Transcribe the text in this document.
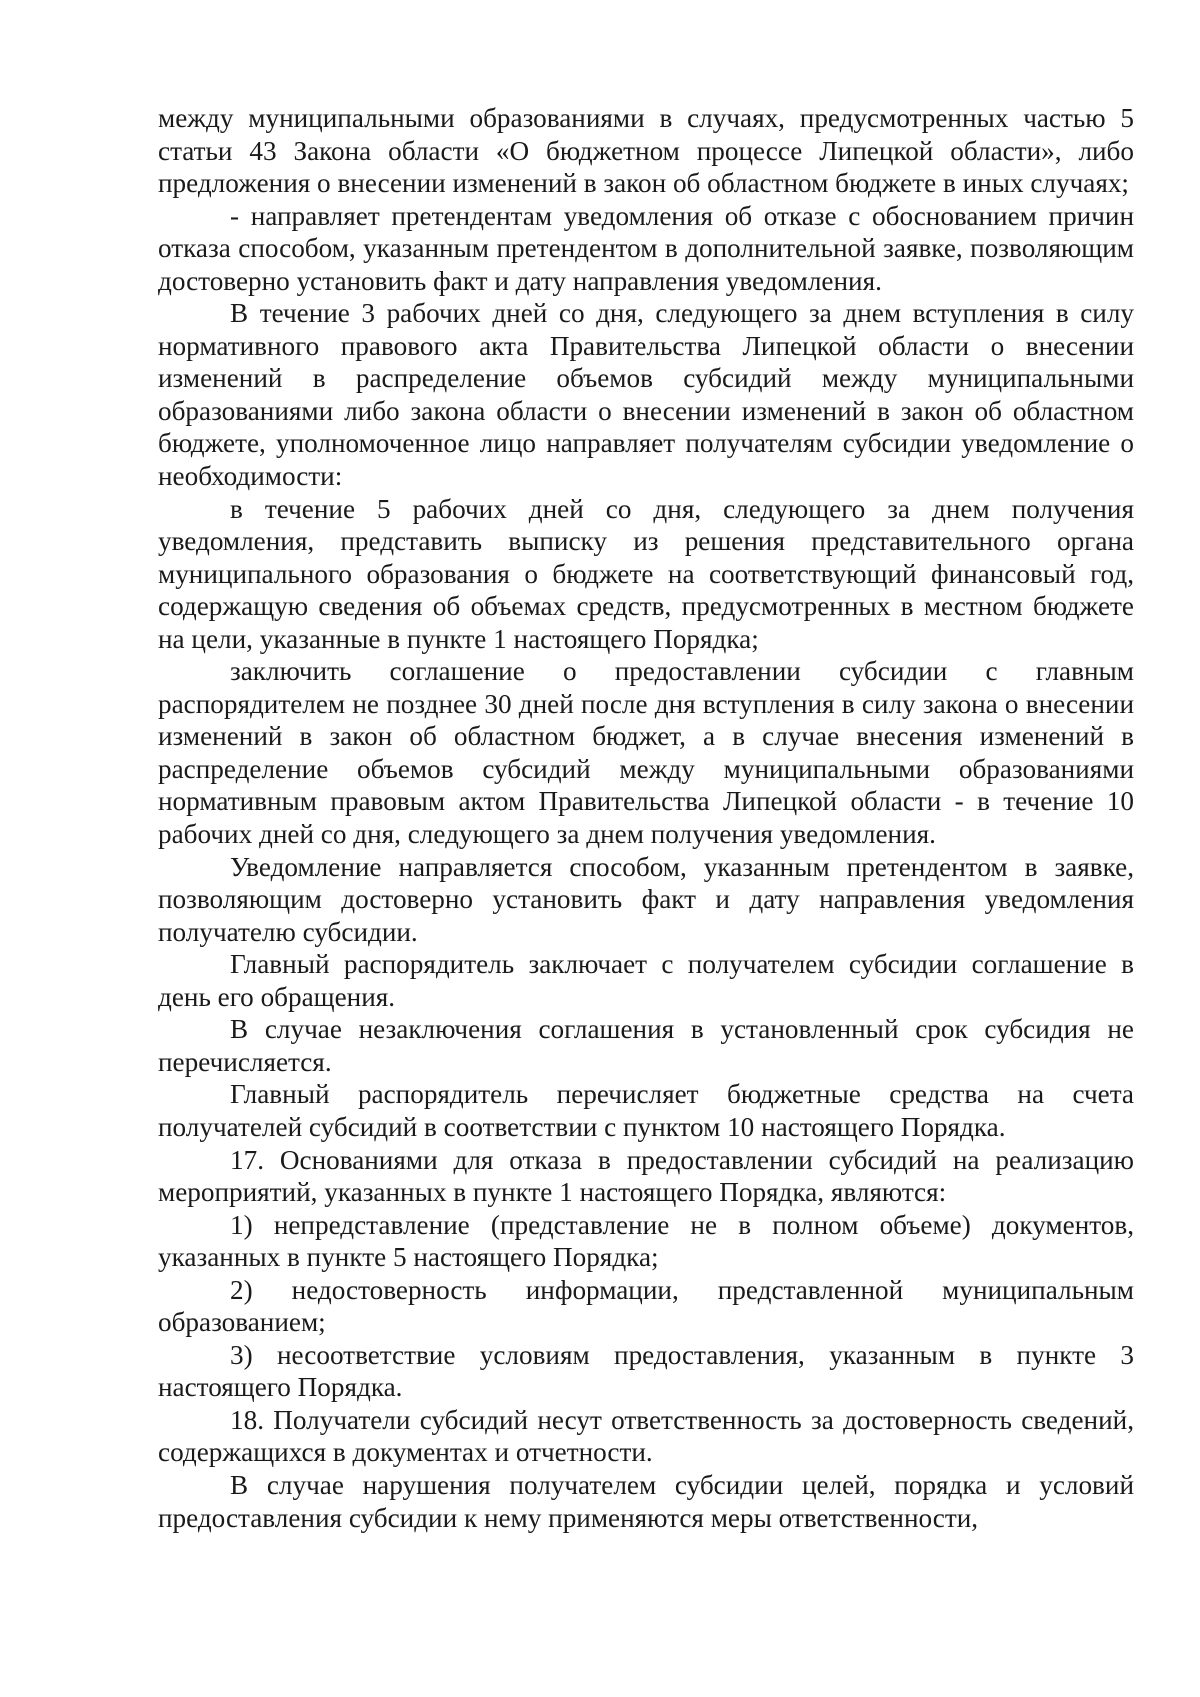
между муниципальными образованиями в случаях, предусмотренных частью 5 статьи 43 Закона области «О бюджетном процессе Липецкой области», либо предложения о внесении изменений в закон об областном бюджете в иных случаях;

- направляет претендентам уведомления об отказе с обоснованием причин отказа способом, указанным претендентом в дополнительной заявке, позволяющим достоверно установить факт и дату направления уведомления.

В течение 3 рабочих дней со дня, следующего за днем вступления в силу нормативного правового акта Правительства Липецкой области о внесении изменений в распределение объемов субсидий между муниципальными образованиями либо закона области о внесении изменений в закон об областном бюджете, уполномоченное лицо направляет получателям субсидии уведомление о необходимости:

в течение 5 рабочих дней со дня, следующего за днем получения уведомления, представить выписку из решения представительного органа муниципального образования о бюджете на соответствующий финансовый год, содержащую сведения об объемах средств, предусмотренных в местном бюджете на цели, указанные в пункте 1 настоящего Порядка;

заключить соглашение о предоставлении субсидии с главным распорядителем не позднее 30 дней после дня вступления в силу закона о внесении изменений в закон об областном бюджет, а в случае внесения изменений в распределение объемов субсидий между муниципальными образованиями нормативным правовым актом Правительства Липецкой области - в течение 10 рабочих дней со дня, следующего за днем получения уведомления.

Уведомление направляется способом, указанным претендентом в заявке, позволяющим достоверно установить факт и дату направления уведомления получателю субсидии.

Главный распорядитель заключает с получателем субсидии соглашение в день его обращения.

В случае незаключения соглашения в установленный срок субсидия не перечисляется.

Главный распорядитель перечисляет бюджетные средства на счета получателей субсидий в соответствии с пунктом 10 настоящего Порядка.

17. Основаниями для отказа в предоставлении субсидий на реализацию мероприятий, указанных в пункте 1 настоящего Порядка, являются:

1) непредставление (представление не в полном объеме) документов, указанных в пункте 5 настоящего Порядка;

2) недостоверность информации, представленной муниципальным образованием;

3) несоответствие условиям предоставления, указанным в пункте 3 настоящего Порядка.

18. Получатели субсидий несут ответственность за достоверность сведений, содержащихся в документах и отчетности.

В случае нарушения получателем субсидии целей, порядка и условий предоставления субсидии к нему применяются меры ответственности,
